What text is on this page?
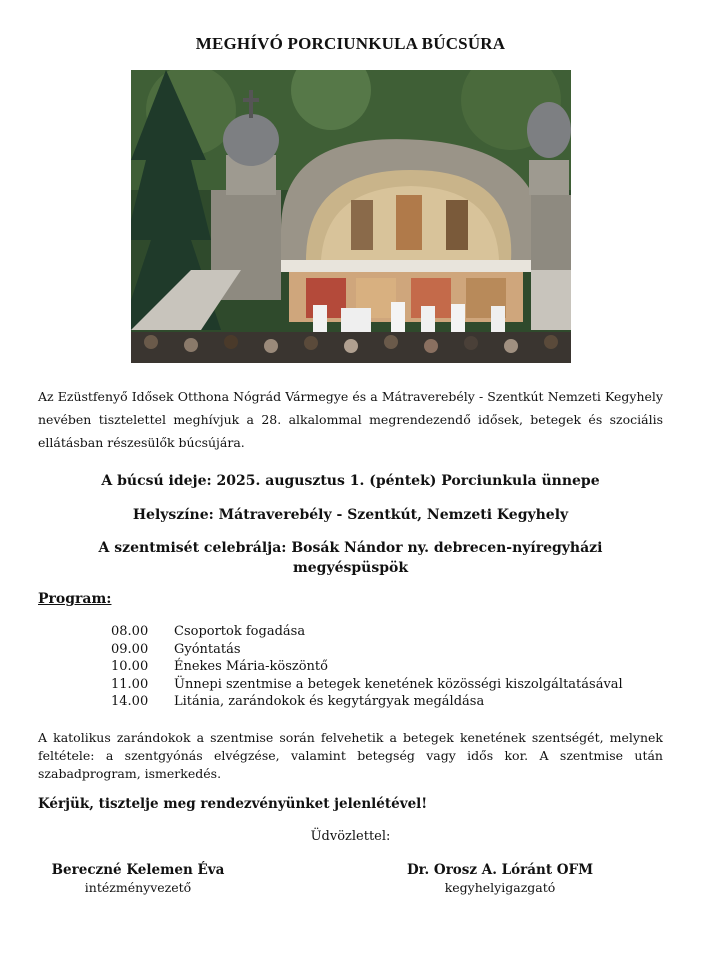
MEGHÍVÓ PORCIUNKULA BÚCSÚRA
Az Ezüstfenyő Idősek Otthona Nógrád Vármegye és a Mátraverebély - Szentkút Nemzeti Kegyhely nevében tisztelettel meghívjuk a 28. alkalommal megrendezendő idősek, betegek és szociális ellátásban részesülők búcsújára.
A búcsú ideje: 2025. augusztus 1. (péntek) Porciunkula ünnepe
Helyszíne: Mátraverebély - Szentkút, Nemzeti Kegyhely
A szentmisét celebrálja: Bosák Nándor ny. debrecen-nyíregyházi
megyéspüspök
Program:
08.00	Csoportok fogadása
09.00	Gyóntatás
10.00	Énekes Mária-köszöntő
11.00	Ünnepi szentmise a betegek kenetének közösségi kiszolgáltatásával
14.00	Litánia, zarándokok és kegytárgyak megáldása
A katolikus zarándokok a szentmise során felvehetik a betegek kenetének szentségét, melynek feltétele: a szentgyónás elvégzése, valamint betegség vagy idős kor. A szentmise után szabadprogram, ismerkedés.
Kérjük, tisztelje meg rendezvényünket jelenlétével!
Üdvözlettel:
Bereczné Kelemen Éva
intézményvezető
Dr. Orosz A. Lóránt OFM
kegyhelyigazgató
